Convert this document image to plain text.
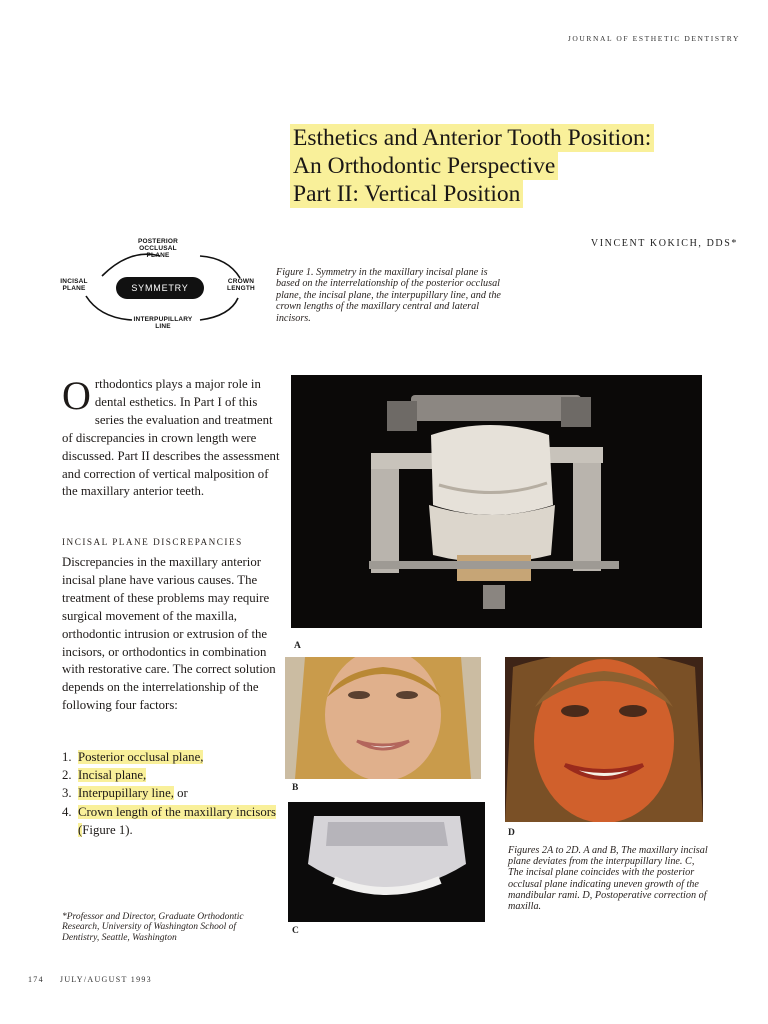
JOURNAL OF ESTHETIC DENTISTRY
Esthetics and Anterior Tooth Position:
An Orthodontic Perspective
Part II: Vertical Position
VINCENT KOKICH, DDS*
POSTERIOR
OCCLUSAL
PLANE
INCISAL
PLANE
CROWN
LENGTH
INTERPUPILLARY
LINE
SYMMETRY
Figure 1. Symmetry in the maxillary incisal plane is based on the interrelationship of the posterior occlusal plane, the incisal plane, the interpupillary line, and the crown lengths of the maxillary central and lateral incisors.
Orthodontics plays a major role in dental esthetics. In Part I of this series the evaluation and treatment of discrepancies in crown length were discussed. Part II describes the assessment and correction of vertical malposition of the maxillary anterior teeth.
INCISAL PLANE DISCREPANCIES
Discrepancies in the maxillary anterior incisal plane have various causes. The treatment of these problems may require surgical movement of the maxilla, orthodontic intrusion or extrusion of the incisors, or orthodontics in combination with restorative care. The correct solution depends on the interrelationship of the following four factors:
1. Posterior occlusal plane,
2. Incisal plane,
3. Interpupillary line, or
4. Crown length of the maxillary incisors (Figure 1).
*Professor and Director, Graduate Orthodontic Research, University of Washington School of Dentistry, Seattle, Washington
174 JULY/AUGUST 1993
A
B
C
D
Figures 2A to 2D. A and B, The maxillary incisal plane deviates from the interpupillary line. C, The incisal plane coincides with the posterior occlusal plane indicating uneven growth of the mandibular rami. D, Postoperative correction of maxilla.
